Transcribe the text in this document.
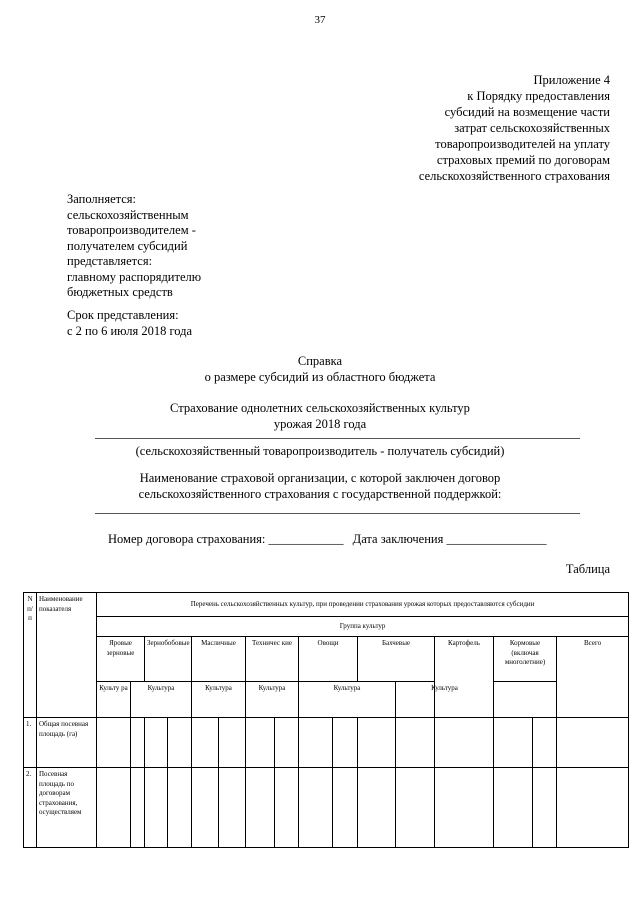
37
Приложение 4
к Порядку предоставления
субсидий на возмещение части
затрат сельскохозяйственных
товаропроизводителей на уплату
страховых премий по договорам
сельскохозяйственного страхования
Заполняется:
сельскохозяйственным
товаропроизводителем -
получателем субсидий
представляется:
главному распорядителю
бюджетных средств
Срок представления:
с 2 по 6 июля 2018 года
Справка
о размере субсидий из областного бюджета
Страхование однолетних сельскохозяйственных культур
урожая 2018 года
(сельскохозяйственный товаропроизводитель - получатель субсидий)
Наименование страховой организации, с которой заключен договор
сельскохозяйственного страхования с государственной поддержкой:
Номер договора страхования: ____________ Дата заключения ________________
Таблица
N п/п	Наименование показателя	Перечень сельскохозяйственных культур, при проведении страхования урожая которых предоставляются субсидии															
		Группа культур															
		Яровые зерновые		Зернобобовые		Масличные		Техничес кие		Овощи		Бахчевые		Картофель	Кормовые (включая многолетние)		Всего
		Культу ра	Культура			Культура		Культура		Культура			Культура				
1.	Общая посевная площадь (га)																
2.	Посевная площадь по договорам страхования, осуществляем																
